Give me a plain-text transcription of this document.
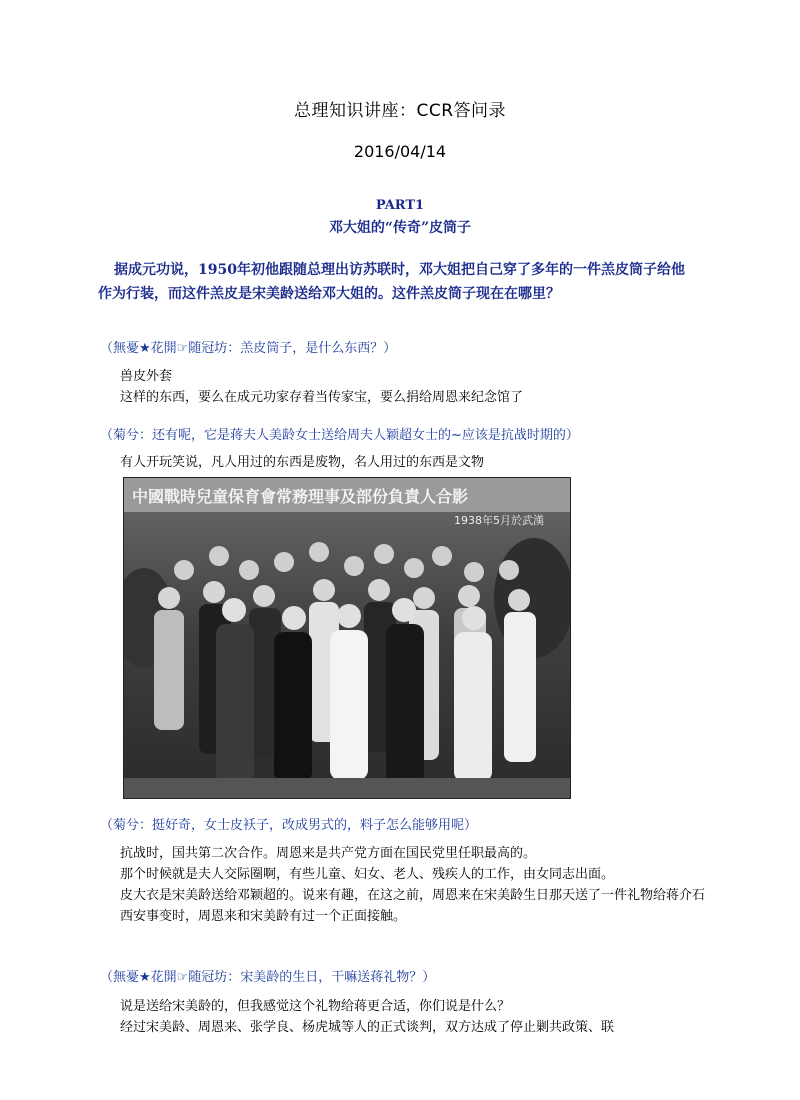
总理知识讲座：CCR答问录
2016/04/14
PART1
邓大姐的“传奇”皮筒子
据成元功说，1950年初他跟随总理出访苏联时，邓大姐把自己穿了多年的一件羔皮筒子给他作为行装，而这件羔皮是宋美龄送给邓大姐的。这件羔皮筒子现在在哪里？
（無憂★花開☞随冠坊：羔皮筒子，是什么东西？）

兽皮外套

这样的东西，要么在成元功家存着当传家宝，要么捐给周恩来纪念馆了

（菊兮：还有呢，它是蒋夫人美龄女士送给周夫人颖超女士的~应该是抗战时期的）

有人开玩笑说，凡人用过的东西是废物，名人用过的东西是文物

中國戰時兒童保育會常務理事及部份負責人合影
1938年5月於武漢
（菊兮：挺好奇，女士皮袄子，改成男式的，料子怎么能够用呢）

抗战时，国共第二次合作。周恩来是共产党方面在国民党里任职最高的。

那个时候就是夫人交际圈啊，有些儿童、妇女、老人、残疾人的工作，由女同志出面。

皮大衣是宋美龄送给邓颖超的。说来有趣，在这之前，周恩来在宋美龄生日那天送了一件礼物给蒋介石

西安事变时，周恩来和宋美龄有过一个正面接触。

（無憂★花開☞随冠坊：宋美龄的生日，干嘛送蒋礼物？）

说是送给宋美龄的，但我感觉这个礼物给蒋更合适，你们说是什么？

经过宋美龄、周恩来、张学良、杨虎城等人的正式谈判，双方达成了停止剿共政策、联
